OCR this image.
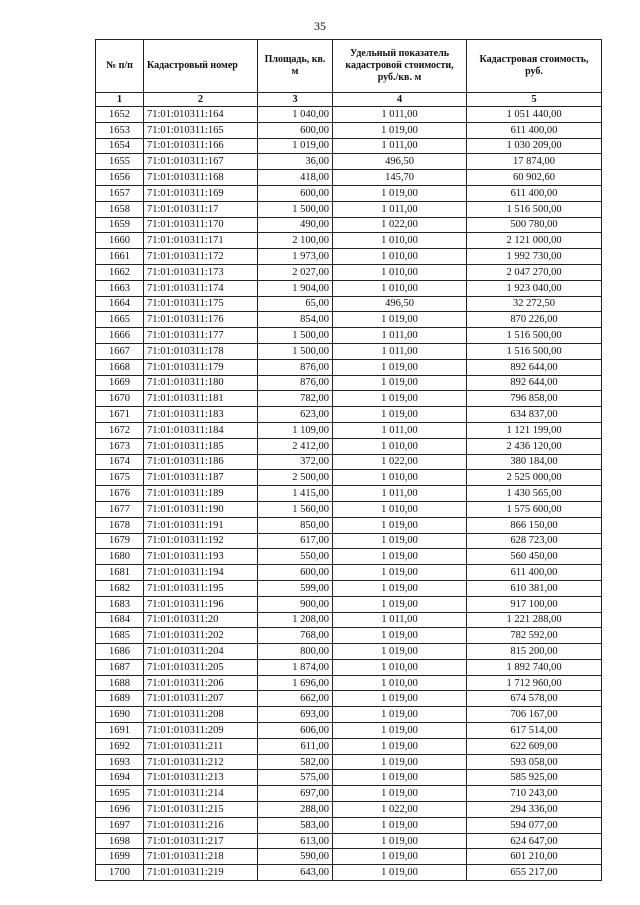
35
№ п/п	Кадастровый номер	Площадь, кв. м	Удельный показатель кадастровой стоимости, руб./кв. м	Кадастровая стоимость, руб.
1	2	3	4	5
1652	71:01:010311:164	1 040,00	1 011,00	1 051 440,00
1653	71:01:010311:165	600,00	1 019,00	611 400,00
1654	71:01:010311:166	1 019,00	1 011,00	1 030 209,00
1655	71:01:010311:167	36,00	496,50	17 874,00
1656	71:01:010311:168	418,00	145,70	60 902,60
1657	71:01:010311:169	600,00	1 019,00	611 400,00
1658	71:01:010311:17	1 500,00	1 011,00	1 516 500,00
1659	71:01:010311:170	490,00	1 022,00	500 780,00
1660	71:01:010311:171	2 100,00	1 010,00	2 121 000,00
1661	71:01:010311:172	1 973,00	1 010,00	1 992 730,00
1662	71:01:010311:173	2 027,00	1 010,00	2 047 270,00
1663	71:01:010311:174	1 904,00	1 010,00	1 923 040,00
1664	71:01:010311:175	65,00	496,50	32 272,50
1665	71:01:010311:176	854,00	1 019,00	870 226,00
1666	71:01:010311:177	1 500,00	1 011,00	1 516 500,00
1667	71:01:010311:178	1 500,00	1 011,00	1 516 500,00
1668	71:01:010311:179	876,00	1 019,00	892 644,00
1669	71:01:010311:180	876,00	1 019,00	892 644,00
1670	71:01:010311:181	782,00	1 019,00	796 858,00
1671	71:01:010311:183	623,00	1 019,00	634 837,00
1672	71:01:010311:184	1 109,00	1 011,00	1 121 199,00
1673	71:01:010311:185	2 412,00	1 010,00	2 436 120,00
1674	71:01:010311:186	372,00	1 022,00	380 184,00
1675	71:01:010311:187	2 500,00	1 010,00	2 525 000,00
1676	71:01:010311:189	1 415,00	1 011,00	1 430 565,00
1677	71:01:010311:190	1 560,00	1 010,00	1 575 600,00
1678	71:01:010311:191	850,00	1 019,00	866 150,00
1679	71:01:010311:192	617,00	1 019,00	628 723,00
1680	71:01:010311:193	550,00	1 019,00	560 450,00
1681	71:01:010311:194	600,00	1 019,00	611 400,00
1682	71:01:010311:195	599,00	1 019,00	610 381,00
1683	71:01:010311:196	900,00	1 019,00	917 100,00
1684	71:01:010311:20	1 208,00	1 011,00	1 221 288,00
1685	71:01:010311:202	768,00	1 019,00	782 592,00
1686	71:01:010311:204	800,00	1 019,00	815 200,00
1687	71:01:010311:205	1 874,00	1 010,00	1 892 740,00
1688	71:01:010311:206	1 696,00	1 010,00	1 712 960,00
1689	71:01:010311:207	662,00	1 019,00	674 578,00
1690	71:01:010311:208	693,00	1 019,00	706 167,00
1691	71:01:010311:209	606,00	1 019,00	617 514,00
1692	71:01:010311:211	611,00	1 019,00	622 609,00
1693	71:01:010311:212	582,00	1 019,00	593 058,00
1694	71:01:010311:213	575,00	1 019,00	585 925,00
1695	71:01:010311:214	697,00	1 019,00	710 243,00
1696	71:01:010311:215	288,00	1 022,00	294 336,00
1697	71:01:010311:216	583,00	1 019,00	594 077,00
1698	71:01:010311:217	613,00	1 019,00	624 647,00
1699	71:01:010311:218	590,00	1 019,00	601 210,00
1700	71:01:010311:219	643,00	1 019,00	655 217,00
